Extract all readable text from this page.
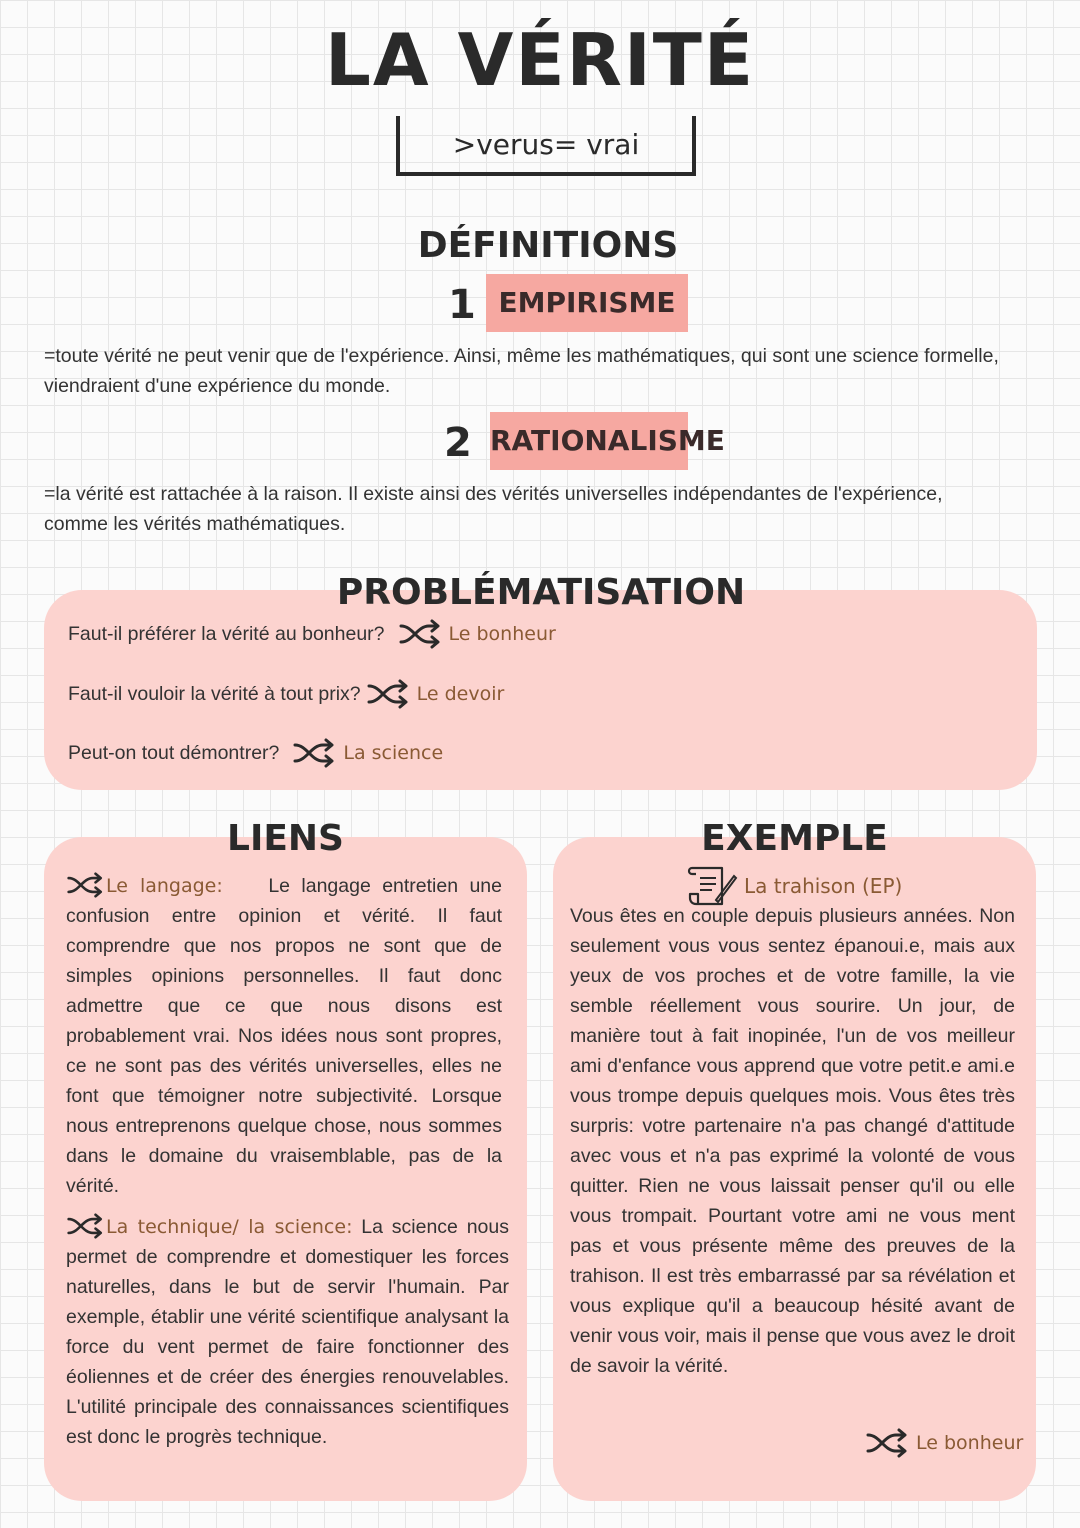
LA VÉRITÉ
>verus= vrai
DÉFINITIONS
1 EMPIRISME
=toute vérité ne peut venir que de l'expérience. Ainsi, même les mathématiques, qui sont une science formelle, viendraient d'une expérience du monde.
2 RATIONALISME
=la vérité est rattachée à la raison. Il existe ainsi des vérités universelles indépendantes de l'expérience, comme les vérités mathématiques.
PROBLÉMATISATION
Faut-il préférer la vérité au bonheur?	Le bonheur
Faut-il vouloir la vérité à tout prix?	Le devoir
Peut-on tout démontrer?	La science
LIENS
Le langage: Le langage entretien une confusion entre opinion et vérité. Il faut comprendre que nos propos ne sont que de simples opinions personnelles. Il faut donc admettre que ce que nous disons est probablement vrai. Nos idées nous sont propres, ce ne sont pas des vérités universelles, elles ne font que témoigner notre subjectivité. Lorsque nous entreprenons quelque chose, nous sommes dans le domaine du vraisemblable, pas de la vérité.
La technique/ la science: La science nous permet de comprendre et domestiquer les forces naturelles, dans le but de servir l'humain. Par exemple, établir une vérité scientifique analysant la force du vent permet de faire fonctionner des éoliennes et de créer des énergies renouvelables. L'utilité principale des connaissances scientifiques est donc le progrès technique.
EXEMPLE
La trahison (EP)
Vous êtes en couple depuis plusieurs années. Non seulement vous vous sentez épanoui.e, mais aux yeux de vos proches et de votre famille, la vie semble réellement vous sourire. Un jour, de manière tout à fait inopinée, l'un de vos meilleur ami d'enfance vous apprend que votre petit.e ami.e vous trompe depuis quelques mois. Vous êtes très surpris: votre partenaire n'a pas changé d'attitude avec vous et n'a pas exprimé la volonté de vous quitter. Rien ne vous laissait penser qu'il ou elle vous trompait. Pourtant votre ami ne vous ment pas et vous présente même des preuves de la trahison. Il est très embarrassé par sa révélation et vous explique qu'il a beaucoup hésité avant de venir vous voir, mais il pense que vous avez le droit de savoir la vérité.
Le bonheur
